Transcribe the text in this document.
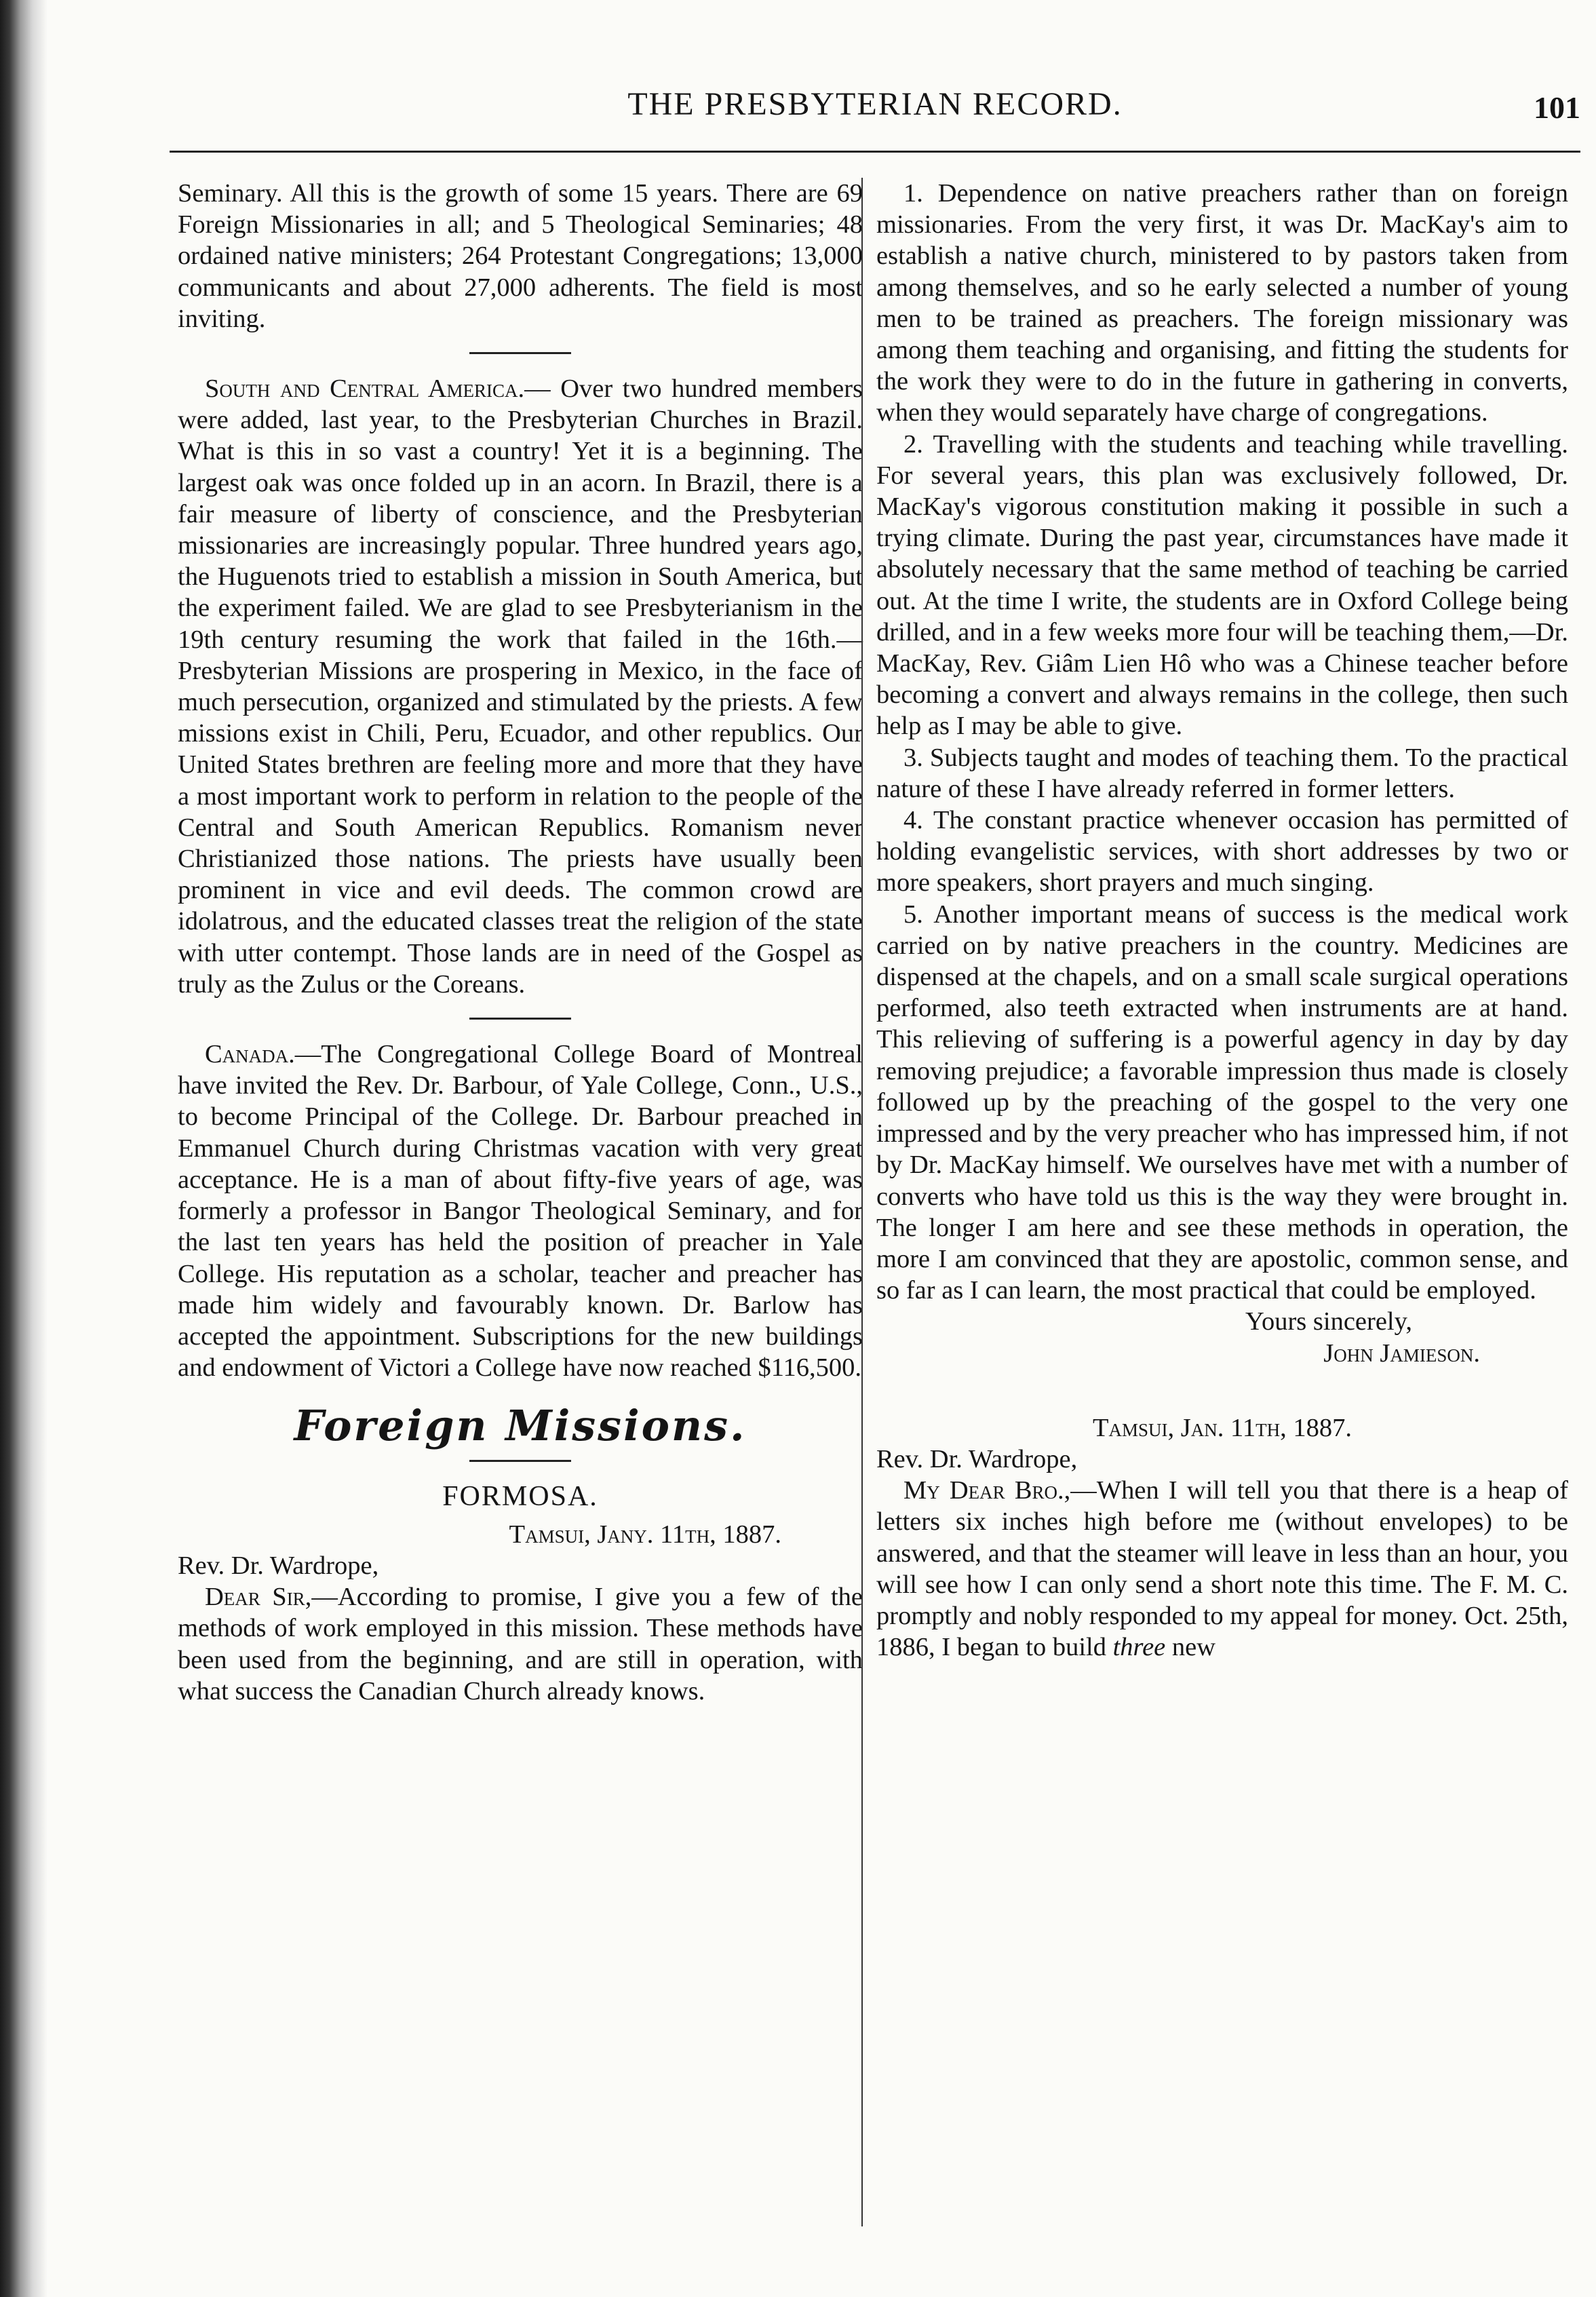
THE PRESBYTERIAN RECORD.	101

Seminary. All this is the growth of some 15 years. There are 69 Foreign Missionaries in all; and 5 Theological Seminaries; 48 ordained native ministers; 264 Protestant Congregations; 13,000 communicants and about 27,000 adherents. The field is most inviting.

South and Central America.— Over two hundred members were added, last year, to the Presbyterian Churches in Brazil. What is this in so vast a country! Yet it is a beginning. The largest oak was once folded up in an acorn. In Brazil, there is a fair measure of liberty of conscience, and the Presbyterian missionaries are increasingly popular. Three hundred years ago, the Huguenots tried to establish a mission in South America, but the experiment failed. We are glad to see Presbyterianism in the 19th century resuming the work that failed in the 16th.—Presbyterian Missions are prospering in Mexico, in the face of much persecution, organized and stimulated by the priests. A few missions exist in Chili, Peru, Ecuador, and other republics. Our United States brethren are feeling more and more that they have a most important work to perform in relation to the people of the Central and South American Republics. Romanism never Christianized those nations. The priests have usually been prominent in vice and evil deeds. The common crowd are idolatrous, and the educated classes treat the religion of the state with utter contempt. Those lands are in need of the Gospel as truly as the Zulus or the Coreans.

Canada.—The Congregational College Board of Montreal have invited the Rev. Dr. Barbour, of Yale College, Conn., U.S., to become Principal of the College. Dr. Barbour preached in Emmanuel Church during Christmas vacation with very great acceptance. He is a man of about fifty-five years of age, was formerly a professor in Bangor Theological Seminary, and for the last ten years has held the position of preacher in Yale College. His reputation as a scholar, teacher and preacher has made him widely and favourably known. Dr. Barlow has accepted the appointment. Subscriptions for the new buildings and endowment of Victori a College have now reached $116,500.

Foreign Missions.
FORMOSA.

Tamsui, Jany. 11th, 1887.

Rev. Dr. Wardrope,

Dear Sir,—According to promise, I give you a few of the methods of work employed in this mission. These methods have been used from the beginning, and are still in operation, with what success the Canadian Church already knows.

1. Dependence on native preachers rather than on foreign missionaries. From the very first, it was Dr. MacKay's aim to establish a native church, ministered to by pastors taken from among themselves, and so he early selected a number of young men to be trained as preachers. The foreign missionary was among them teaching and organising, and fitting the students for the work they were to do in the future in gathering in converts, when they would separately have charge of congregations.

2. Travelling with the students and teaching while travelling. For several years, this plan was exclusively followed, Dr. MacKay's vigorous constitution making it possible in such a trying climate. During the past year, circumstances have made it absolutely necessary that the same method of teaching be carried out. At the time I write, the students are in Oxford College being drilled, and in a few weeks more four will be teaching them,—Dr. MacKay, Rev. Giâm Lien Hô who was a Chinese teacher before becoming a convert and always remains in the college, then such help as I may be able to give.

3. Subjects taught and modes of teaching them. To the practical nature of these I have already referred in former letters.

4. The constant practice whenever occasion has permitted of holding evangelistic services, with short addresses by two or more speakers, short prayers and much singing.

5. Another important means of success is the medical work carried on by native preachers in the country. Medicines are dispensed at the chapels, and on a small scale surgical operations performed, also teeth extracted when instruments are at hand. This relieving of suffering is a powerful agency in day by day removing prejudice; a favorable impression thus made is closely followed up by the preaching of the gospel to the very one impressed and by the very preacher who has impressed him, if not by Dr. MacKay himself. We ourselves have met with a number of converts who have told us this is the way they were brought in. The longer I am here and see these methods in operation, the more I am convinced that they are apostolic, common sense, and so far as I can learn, the most practical that could be employed.

Yours sincerely,

John Jamieson.

Tamsui, Jan. 11th, 1887.

Rev. Dr. Wardrope,

My Dear Bro.,—When I will tell you that there is a heap of letters six inches high before me (without envelopes) to be answered, and that the steamer will leave in less than an hour, you will see how I can only send a short note this time. The F. M. C. promptly and nobly responded to my appeal for money. Oct. 25th, 1886, I began to build three new
